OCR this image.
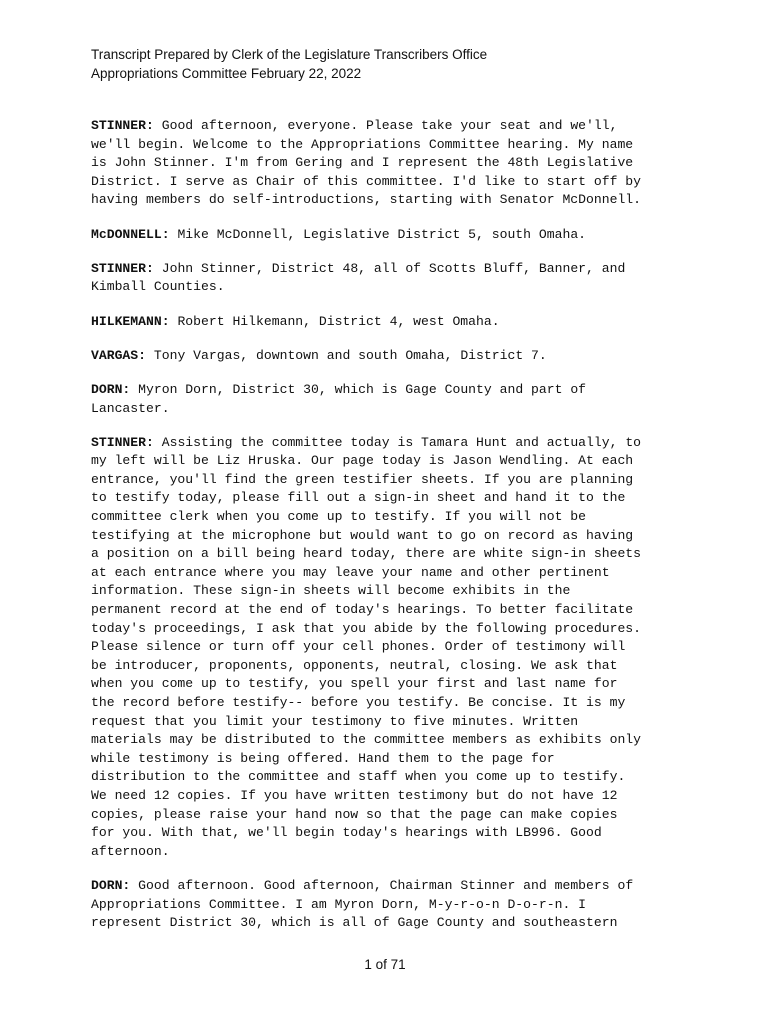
Transcript Prepared by Clerk of the Legislature Transcribers Office
Appropriations Committee February 22, 2022

STINNER: Good afternoon, everyone. Please take your seat and we'll,
we'll begin. Welcome to the Appropriations Committee hearing. My name
is John Stinner. I'm from Gering and I represent the 48th Legislative
District. I serve as Chair of this committee. I'd like to start off by
having members do self-introductions, starting with Senator McDonnell.

McDONNELL: Mike McDonnell, Legislative District 5, south Omaha.

STINNER: John Stinner, District 48, all of Scotts Bluff, Banner, and
Kimball Counties.

HILKEMANN: Robert Hilkemann, District 4, west Omaha.

VARGAS: Tony Vargas, downtown and south Omaha, District 7.

DORN: Myron Dorn, District 30, which is Gage County and part of
Lancaster.

STINNER: Assisting the committee today is Tamara Hunt and actually, to
my left will be Liz Hruska. Our page today is Jason Wendling. At each
entrance, you'll find the green testifier sheets. If you are planning
to testify today, please fill out a sign-in sheet and hand it to the
committee clerk when you come up to testify. If you will not be
testifying at the microphone but would want to go on record as having
a position on a bill being heard today, there are white sign-in sheets
at each entrance where you may leave your name and other pertinent
information. These sign-in sheets will become exhibits in the
permanent record at the end of today's hearings. To better facilitate
today's proceedings, I ask that you abide by the following procedures.
Please silence or turn off your cell phones. Order of testimony will
be introducer, proponents, opponents, neutral, closing. We ask that
when you come up to testify, you spell your first and last name for
the record before testify-- before you testify. Be concise. It is my
request that you limit your testimony to five minutes. Written
materials may be distributed to the committee members as exhibits only
while testimony is being offered. Hand them to the page for
distribution to the committee and staff when you come up to testify.
We need 12 copies. If you have written testimony but do not have 12
copies, please raise your hand now so that the page can make copies
for you. With that, we'll begin today's hearings with LB996. Good
afternoon.

DORN: Good afternoon. Good afternoon, Chairman Stinner and members of
Appropriations Committee. I am Myron Dorn, M-y-r-o-n D-o-r-n. I
represent District 30, which is all of Gage County and southeastern

1 of 71
